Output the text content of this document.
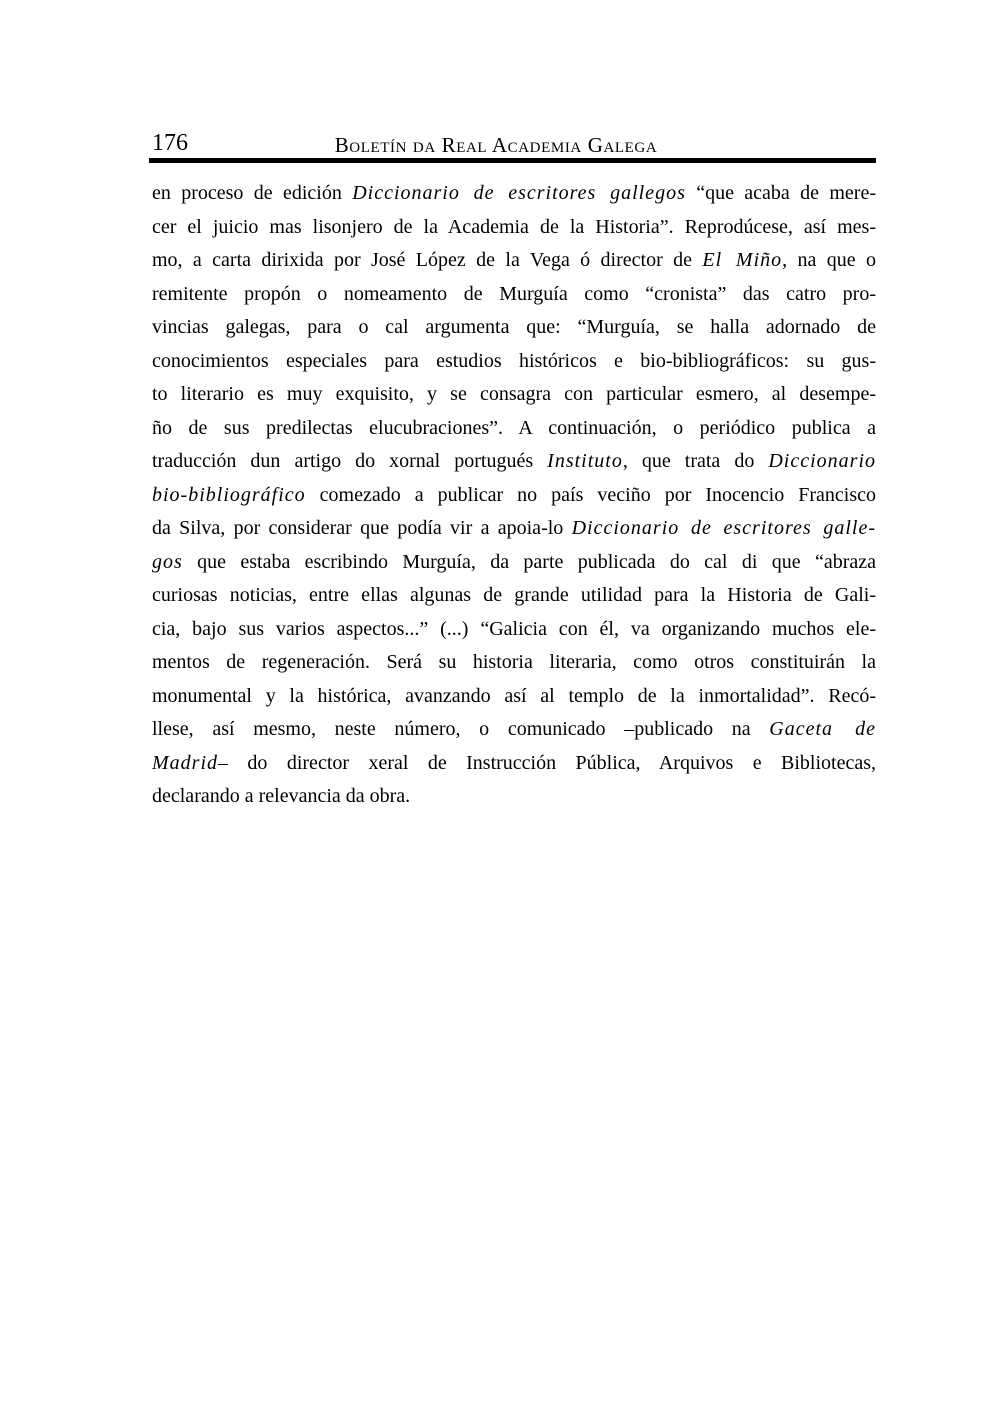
176	Boletín da Real Academia Galega
en proceso de edición Diccionario de escritores gallegos “que acaba de mere-
cer el juicio mas lisonjero de la Academia de la Historia”. Reprodúcese, así mes-
mo, a carta dirixida por José López de la Vega ó director de El Miño, na que o
remitente propón o nomeamento de Murguía como “cronista” das catro pro-
vincias galegas, para o cal argumenta que: “Murguía, se halla adornado de
conocimientos especiales para estudios históricos e bio-bibliográficos: su gus-
to literario es muy exquisito, y se consagra con particular esmero, al desempe-
ño de sus predilectas elucubraciones”. A continuación, o periódico publica a
traducción dun artigo do xornal portugués Instituto, que trata do Diccionario
bio-bibliográfico comezado a publicar no país veciño por Inocencio Francisco
da Silva, por considerar que podía vir a apoia-lo Diccionario de escritores galle-
gos que estaba escribindo Murguía, da parte publicada do cal di que “abraza
curiosas noticias, entre ellas algunas de grande utilidad para la Historia de Gali-
cia, bajo sus varios aspectos...” (...) “Galicia con él, va organizando muchos ele-
mentos de regeneración. Será su historia literaria, como otros constituirán la
monumental y la histórica, avanzando así al templo de la inmortalidad”. Recó-
llese, así mesmo, neste número, o comunicado –publicado na Gaceta de
Madrid– do director xeral de Instrucción Pública, Arquivos e Bibliotecas,
declarando a relevancia da obra.
